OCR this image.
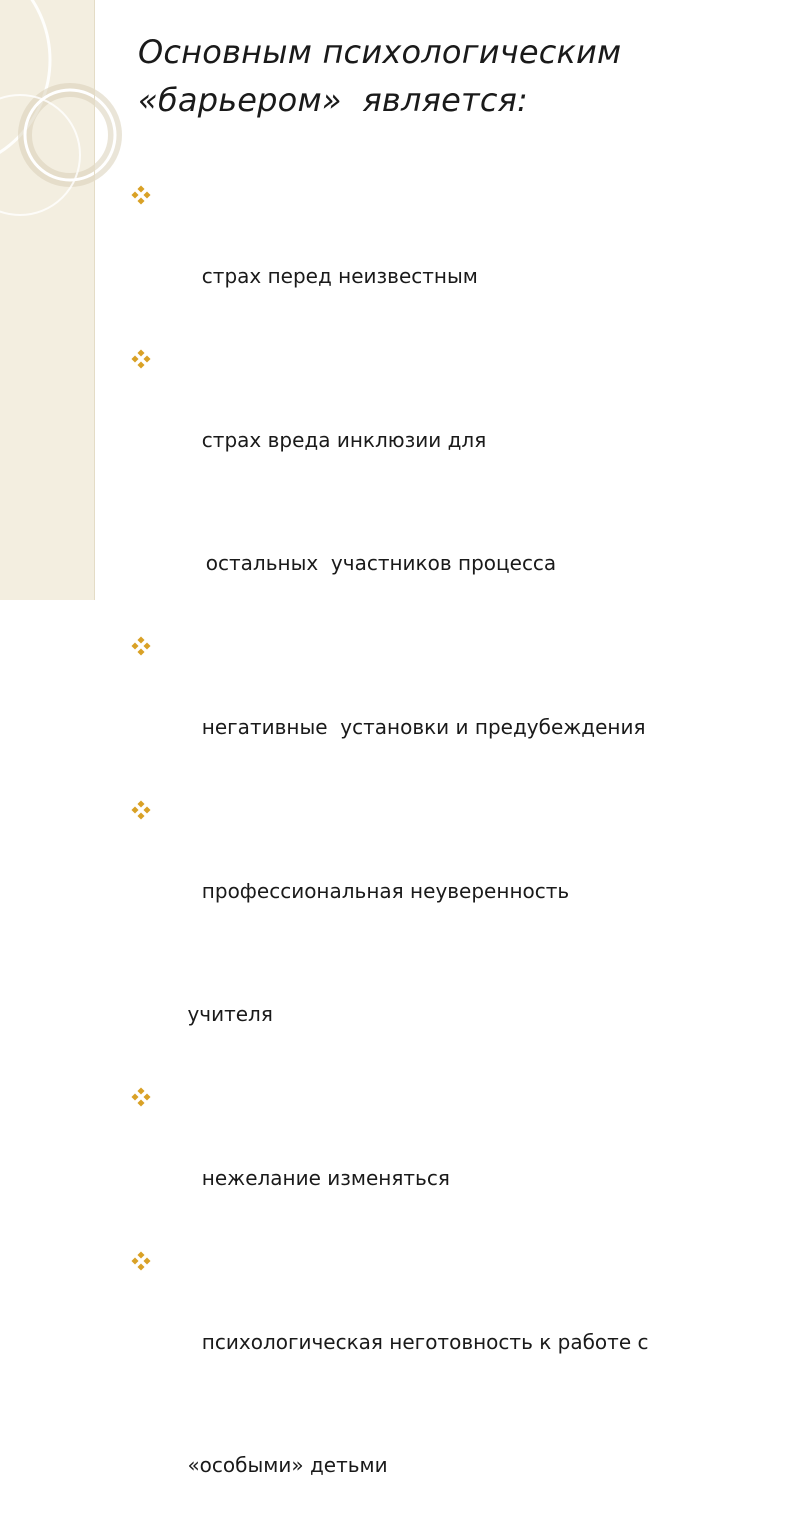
Основным психологическим
«барьером»  является:

страх перед неизвестным

страх вреда инклюзии для

остальных  участников процесса

негативные  установки и предубеждения

профессиональная неуверенность

учителя

нежелание изменяться

психологическая неготовность к работе с

«особыми» детьми
